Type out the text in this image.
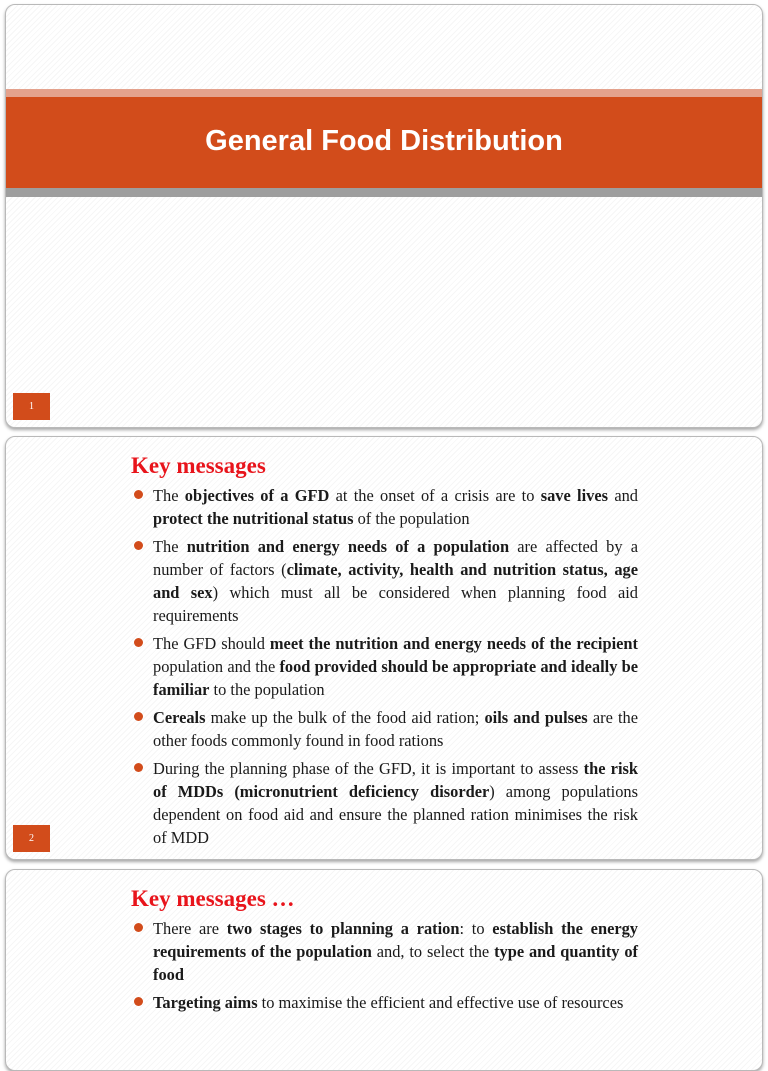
General Food Distribution
1
Key messages
The objectives of a GFD at the onset of a crisis are to save lives and protect the nutritional status of the population
The nutrition and energy needs of a population are affected by a number of factors (climate, activity, health and nutrition status, age and sex) which must all be considered when planning food aid requirements
The GFD should meet the nutrition and energy needs of the recipient population and the food provided should be appropriate and ideally be familiar to the population
Cereals make up the bulk of the food aid ration; oils and pulses are the other foods commonly found in food rations
During the planning phase of the GFD, it is important to assess the risk of MDDs (micronutrient deficiency disorder) among populations dependent on food aid and ensure the planned ration minimises the risk of MDD
2
Key messages …
There are two stages to planning a ration: to establish the energy requirements of the population and, to select the type and quantity of food
Targeting aims to maximise the efficient and effective use of resources
